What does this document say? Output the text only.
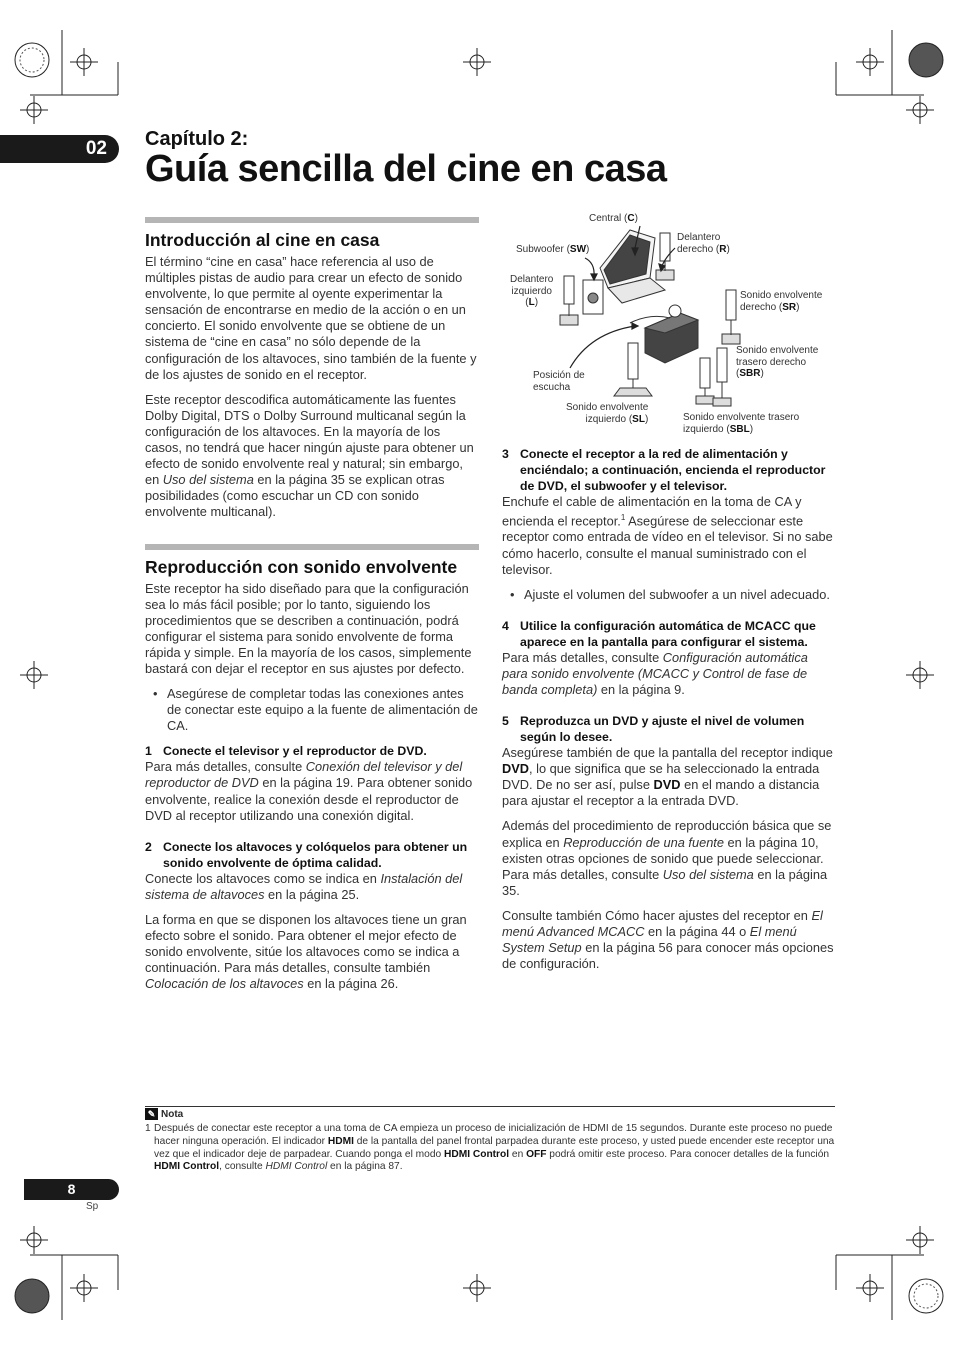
02	Capítulo 2:
Guía sencilla del cine en casa
Introducción al cine en casa

El término “cine en casa” hace referencia al uso de múltiples pistas de audio para crear un efecto de sonido envolvente, lo que permite al oyente experimentar la sensación de encontrarse en medio de la acción o en un concierto. El sonido envolvente que se obtiene de un sistema de “cine en casa” no sólo depende de la configuración de los altavoces, sino también de la fuente y de los ajustes de sonido en el receptor.

Este receptor descodifica automáticamente las fuentes Dolby Digital, DTS o Dolby Surround multicanal según la configuración de los altavoces. En la mayoría de los casos, no tendrá que hacer ningún ajuste para obtener un efecto de sonido envolvente real y natural; sin embargo, en Uso del sistema en la página 35 se explican otras posibilidades (como escuchar un CD con sonido envolvente multicanal).

Reproducción con sonido envolvente

Este receptor ha sido diseñado para que la configuración sea lo más fácil posible; por lo tanto, siguiendo los procedimientos que se describen a continuación, podrá configurar el sistema para sonido envolvente de forma rápida y simple. En la mayoría de los casos, simplemente bastará con dejar el receptor en sus ajustes por defecto.

• Asegúrese de completar todas las conexiones antes de conectar este equipo a la fuente de alimentación de CA.
1 Conecte el televisor y el reproductor de DVD.

Para más detalles, consulte Conexión del televisor y del reproductor de DVD en la página 19. Para obtener sonido envolvente, realice la conexión desde el reproductor de DVD al receptor utilizando una conexión digital.

2 Conecte los altavoces y colóquelos para obtener un sonido envolvente de óptima calidad.

Conecte los altavoces como se indica en Instalación del sistema de altavoces en la página 25.

La forma en que se disponen los altavoces tiene un gran efecto sobre el sonido. Para obtener el mejor efecto de sonido envolvente, sitúe los altavoces como se indica a continuación. Para más detalles, consulte también Colocación de los altavoces en la página 26.

Central (C)
Subwoofer (SW)
Delantero
derecho (R)
Delantero
izquierdo
(L)
Sonido envolvente
derecho (SR)
Sonido envolvente
trasero derecho
(SBR)
Posición de
escucha
Sonido envolvente
izquierdo (SL)	Sonido envolvente trasero
izquierdo (SBL)
3 Conecte el receptor a la red de alimentación y enciéndalo; a continuación, encienda el reproductor de DVD, el subwoofer y el televisor.

Enchufe el cable de alimentación en la toma de CA y encienda el receptor.$^1$ Asegúrese de seleccionar este receptor como entrada de vídeo en el televisor. Si no sabe cómo hacerlo, consulte el manual suministrado con el televisor.

• Ajuste el volumen del subwoofer a un nivel adecuado.
4 Utilice la configuración automática de MCACC que aparece en la pantalla para configurar el sistema.

Para más detalles, consulte Configuración automática para sonido envolvente (MCACC y Control de fase de banda completa) en la página 9.

5 Reproduzca un DVD y ajuste el nivel de volumen según lo desee.

Asegúrese también de que la pantalla del receptor indique DVD, lo que significa que se ha seleccionado la entrada DVD. De no ser así, pulse DVD en el mando a distancia para ajustar el receptor a la entrada DVD.

Además del procedimiento de reproducción básica que se explica en Reproducción de una fuente en la página 10, existen otras opciones de sonido que puede seleccionar. Para más detalles, consulte Uso del sistema en la página 35.

Consulte también Cómo hacer ajustes del receptor en El menú Advanced MCACC en la página 44 o El menú System Setup en la página 56 para conocer más opciones de configuración.

✎ Nota
1 Después de conectar este receptor a una toma de CA empieza un proceso de inicialización de HDMI de 15 segundos. Durante este proceso no puede hacer ninguna operación. El indicador HDMI de la pantalla del panel frontal parpadea durante este proceso, y usted puede encender este receptor una vez que el indicador deje de parpadear. Cuando ponga el modo HDMI Control en OFF podrá omitir este proceso. Para conocer detalles de la función HDMI Control, consulte HDMI Control en la página 87.
8
Sp
